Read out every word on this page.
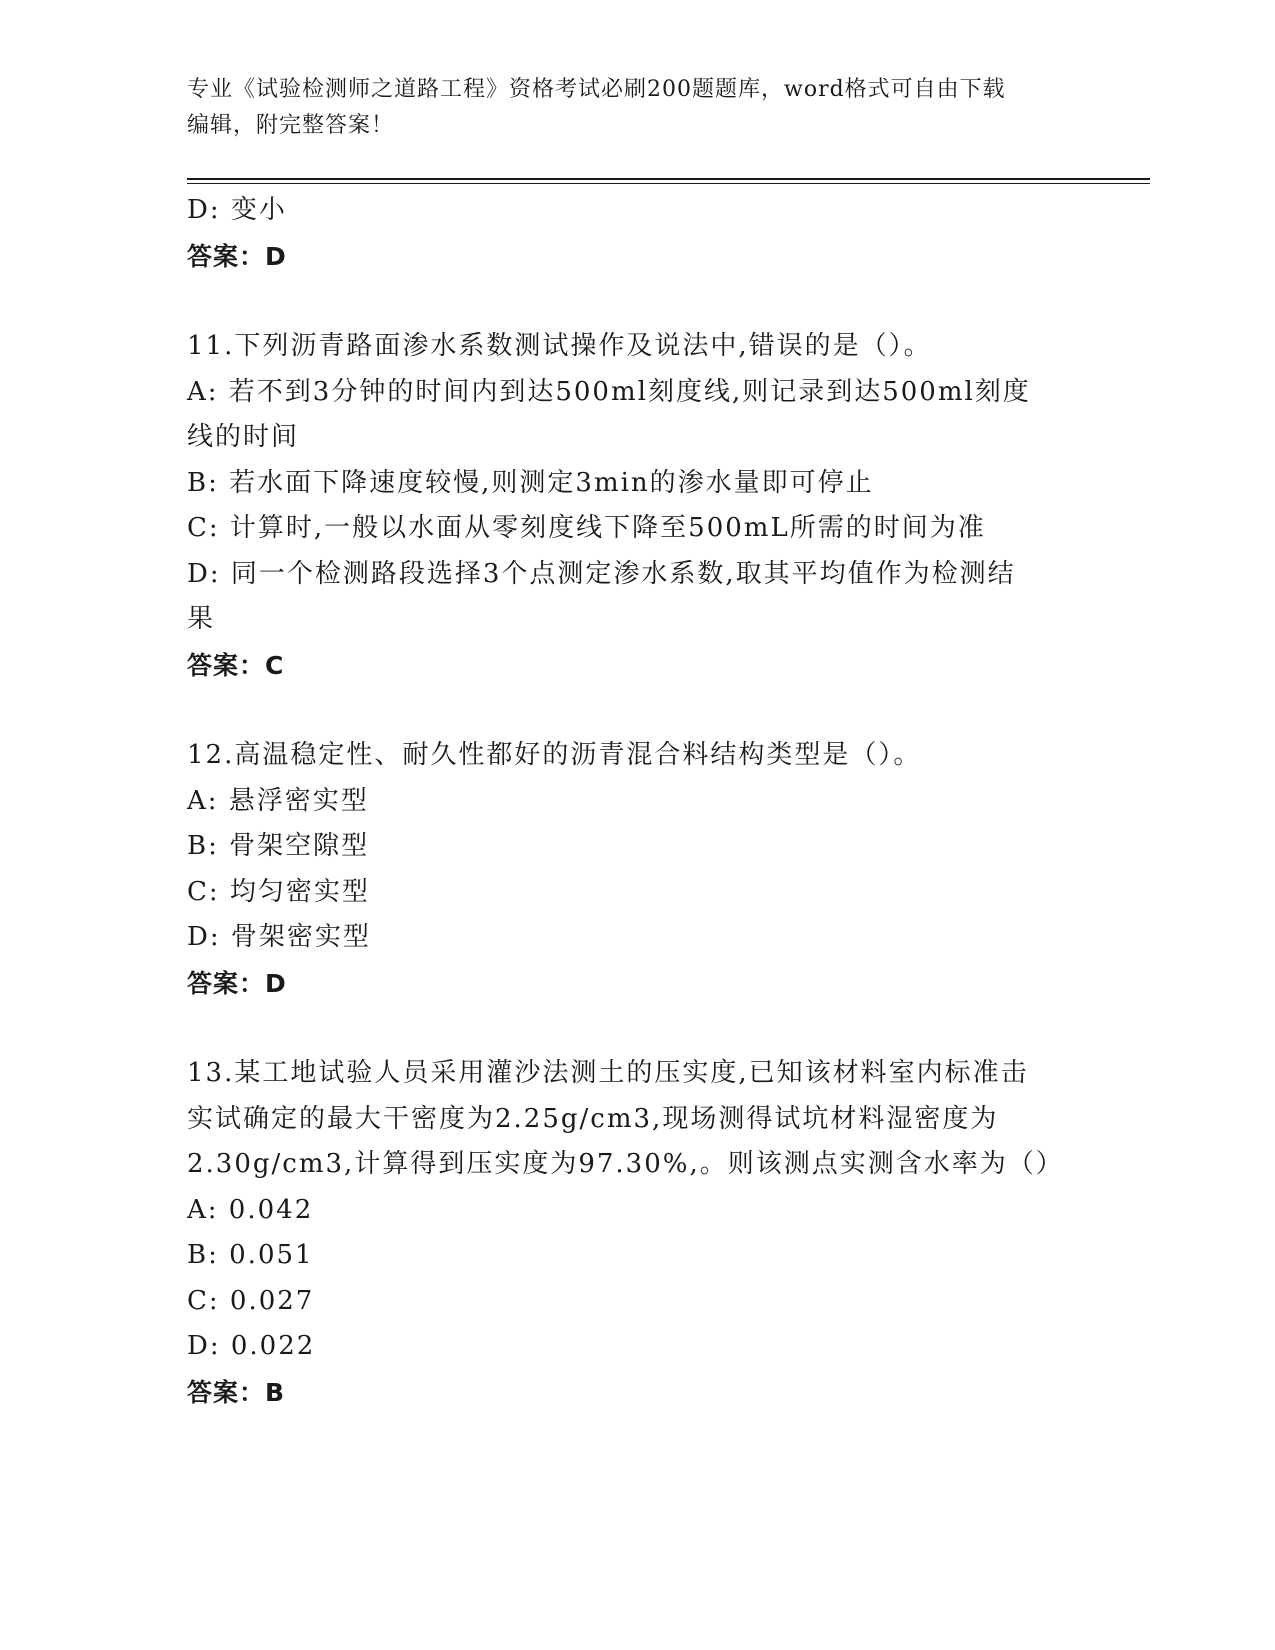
专业《试验检测师之道路工程》资格考试必刷200题题库，word格式可自由下载
编辑，附完整答案！
D: 变小
答案：D
11.下列沥青路面渗水系数测试操作及说法中,错误的是（）。
A: 若不到3分钟的时间内到达500ml刻度线,则记录到达500ml刻度
线的时间
B: 若水面下降速度较慢,则测定3min的渗水量即可停止
C: 计算时,一般以水面从零刻度线下降至500mL所需的时间为准
D: 同一个检测路段选择3个点测定渗水系数,取其平均值作为检测结
果
答案：C
12.高温稳定性、耐久性都好的沥青混合料结构类型是（）。
A: 悬浮密实型
B: 骨架空隙型
C: 均匀密实型
D: 骨架密实型
答案：D
13.某工地试验人员采用灌沙法测土的压实度,已知该材料室内标准击
实试确定的最大干密度为2.25g/cm3,现场测得试坑材料湿密度为
2.30g/cm3,计算得到压实度为97.30%,。则该测点实测含水率为（）
A: 0.042
B: 0.051
C: 0.027
D: 0.022
答案：B
